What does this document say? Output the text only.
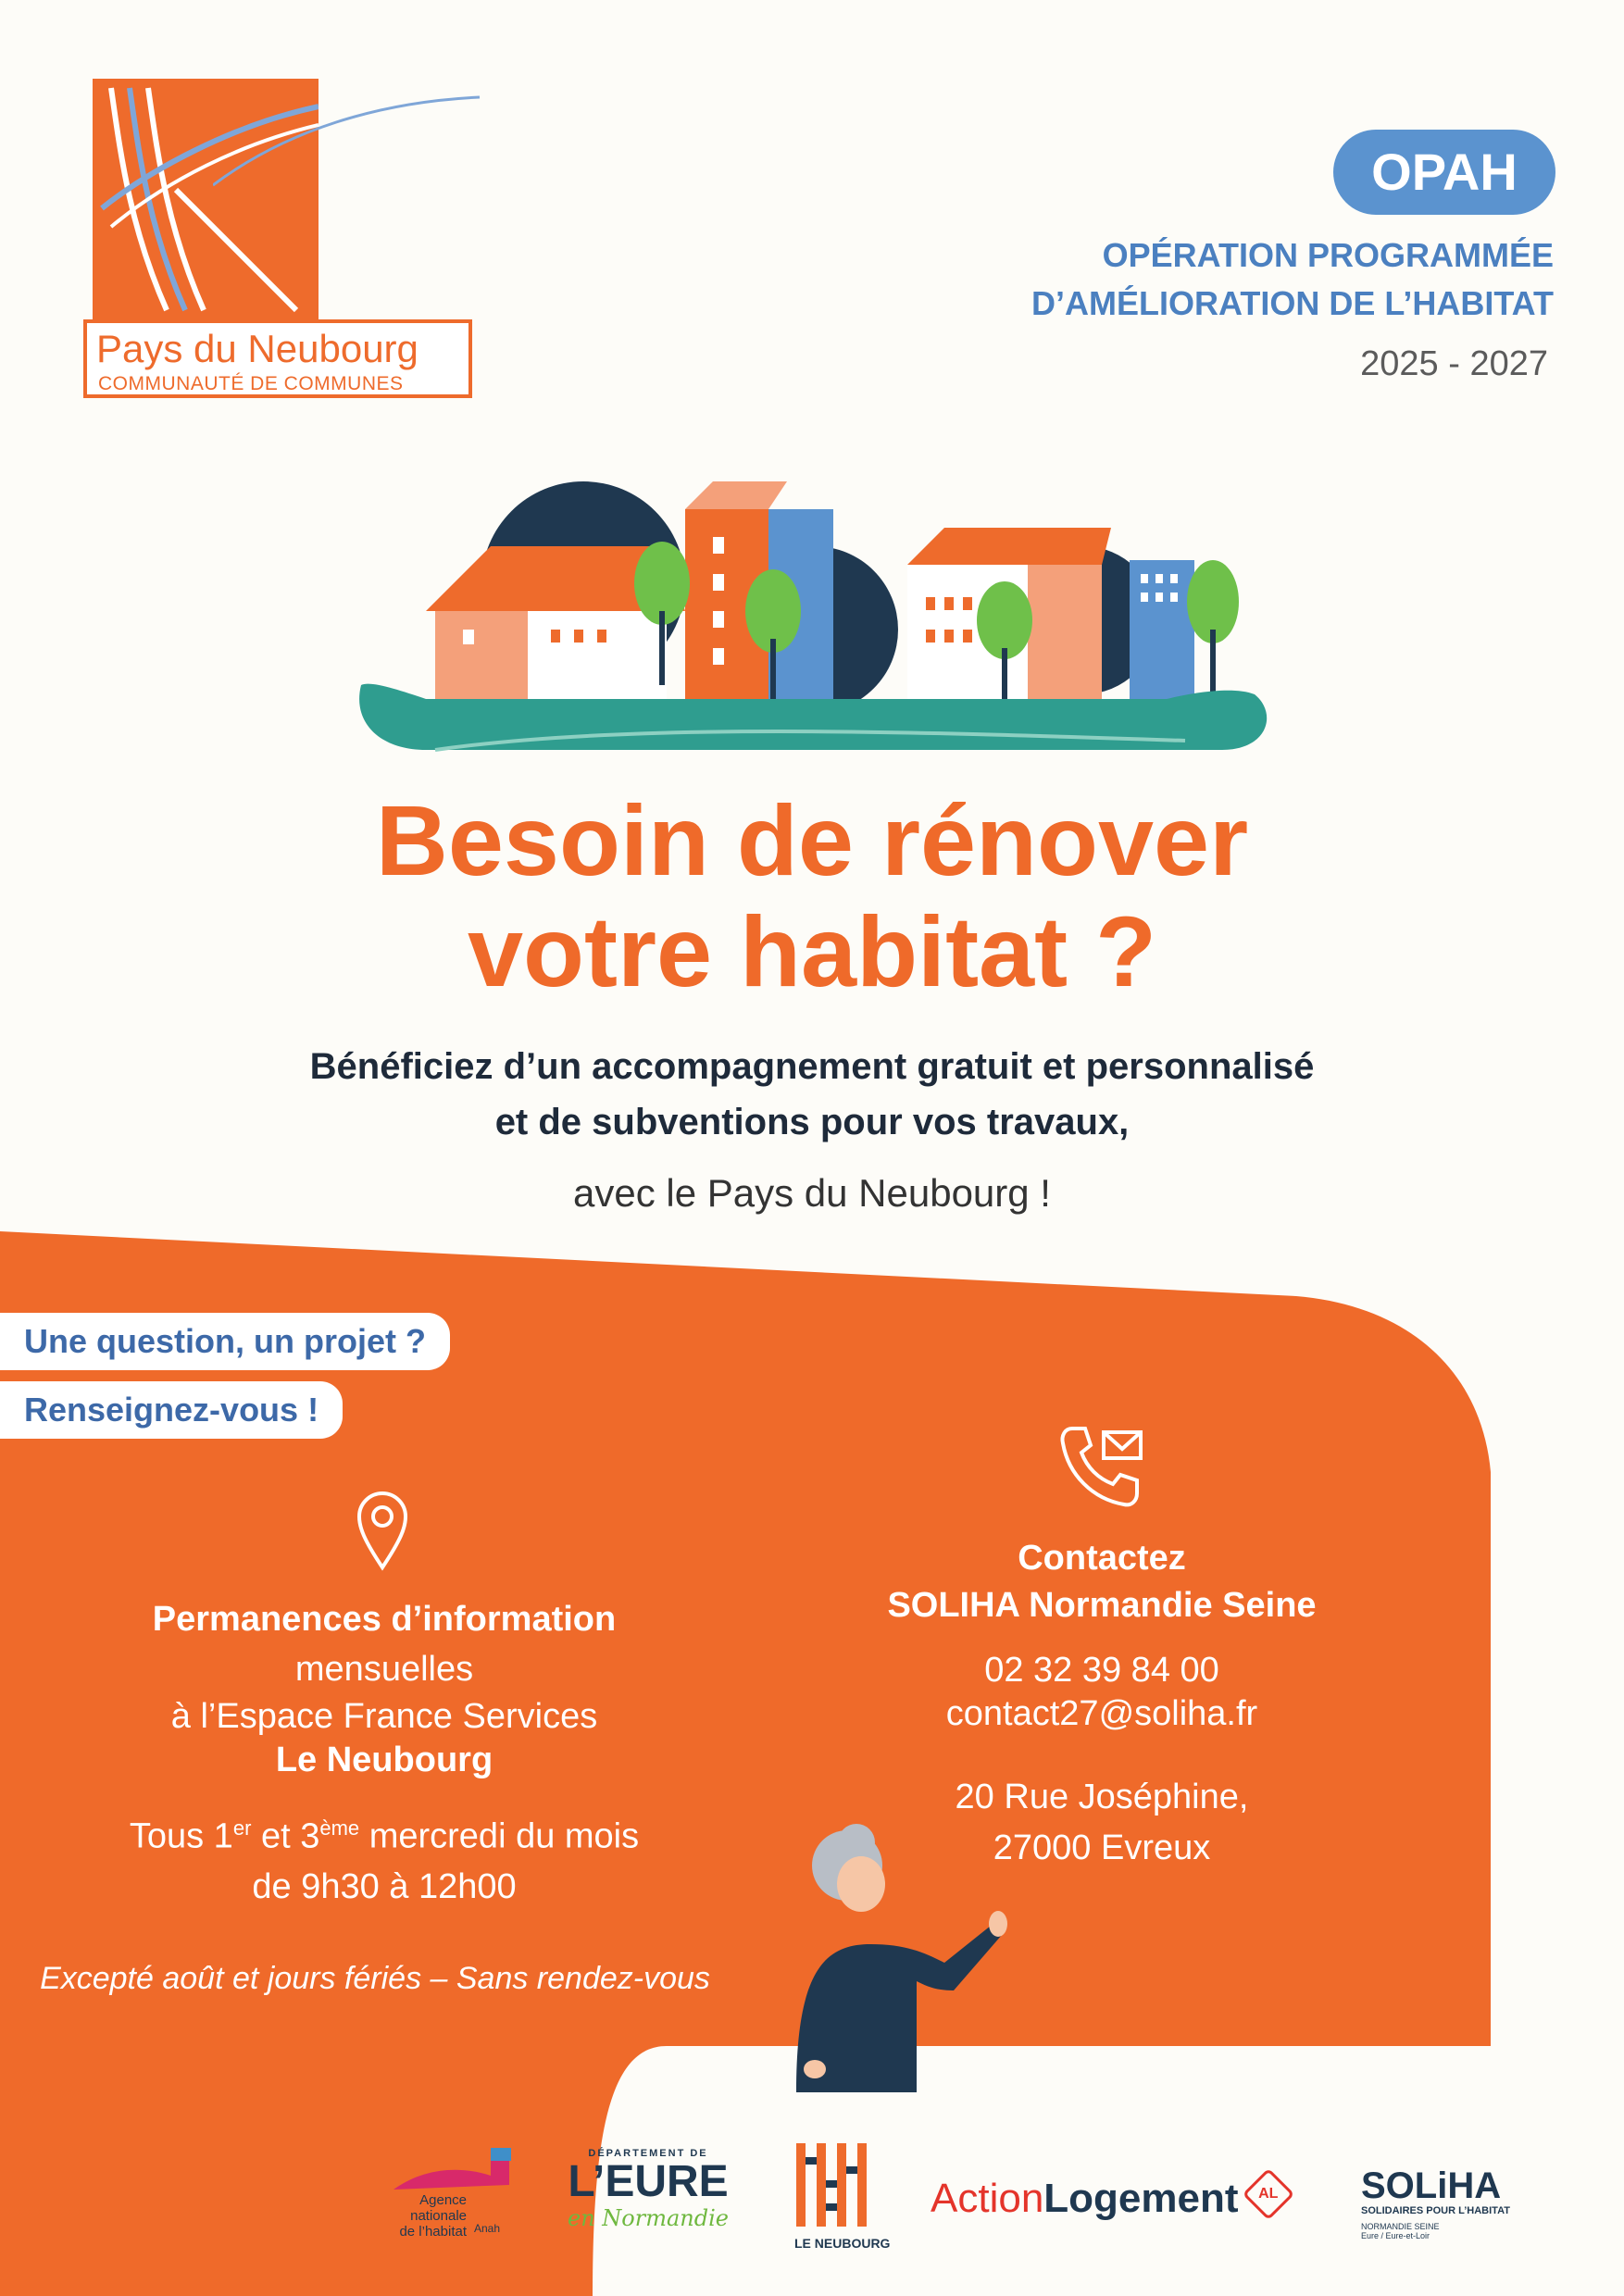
Pays du Neubourg
COMMUNAUTÉ DE COMMUNES
OPAH
OPÉRATION PROGRAMMÉE
D’AMÉLIORATION DE L’HABITAT
2025 - 2027
Besoin de rénover
votre habitat ?
Bénéficiez d’un accompagnement gratuit et personnalisé
et de subventions pour vos travaux,
avec le Pays du Neubourg !
Une question, un projet ?
Renseignez-vous !
Permanences d’information
mensuelles
à l’Espace France Services
Le Neubourg
Tous 1er et 3ème mercredi du mois
de 9h30 à 12h00
Excepté août et jours fériés – Sans rendez-vous
Contactez
SOLIHA Normandie Seine
02 32 39 84 00
contact27@soliha.fr
20 Rue Joséphine,
27000 Evreux
Agence
nationale
de l’habitat Anah
DÉPARTEMENT DE
L’EURE
en Normandie
LE NEUBOURG
ActionLogement AL	SOLiHA
SOLIDAIRES POUR L’HABITAT
NORMANDIE SEINE
Eure / Eure-et-Loir
